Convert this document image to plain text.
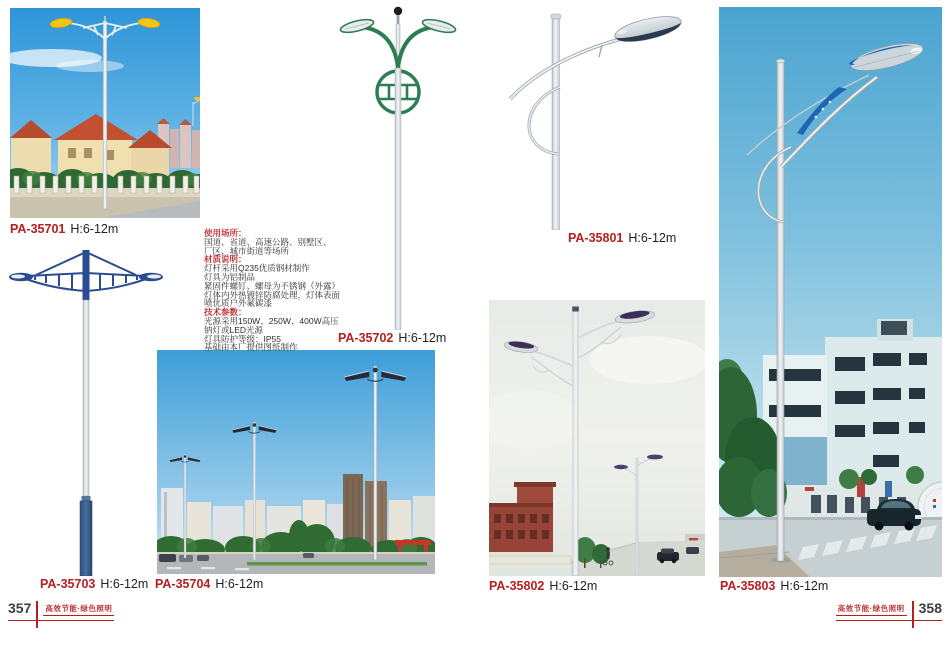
使用场所：
国道、省道、高速公路、别墅区、
厂区、城市街道等场所
材质说明：
灯杆采用Q235优质钢材制作
灯具为铝制品
紧固件螺钉、螺母为不锈钢（外露）
灯体内外热镀锌防腐处理，灯体表面
喷优质户外氟碳漆
技术参数：
光源采用150W、250W、400W高压
钠灯或LED光源
灯具防护等级：IP55
基础由本厂提供图纸制作
PA-35701 H:6-12m
PA-35702 H:6-12m
PA-35801 H:6-12m
PA-35703 H:6-12m PA-35704 H:6-12m	PA-35802 H:6-12m	PA-35803 H:6-12m
357 高效节能·绿色照明	高效节能·绿色照明 358
